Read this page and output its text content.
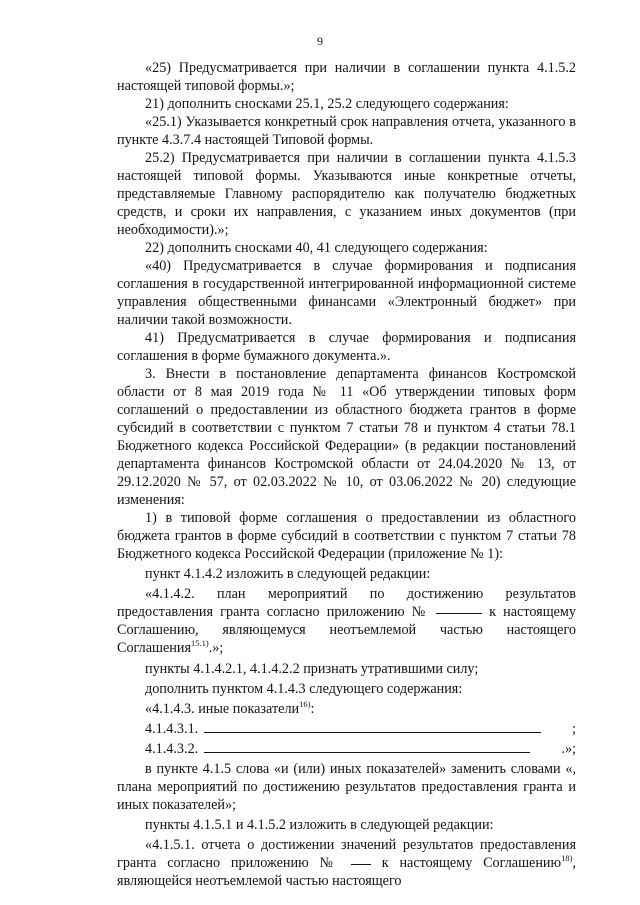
9

«25) Предусматривается при наличии в соглашении пункта 4.1.5.2 настоящей типовой формы.»;

21) дополнить сносками 25.1, 25.2 следующего содержания:

«25.1) Указывается конкретный срок направления отчета, указанного в пункте 4.3.7.4 настоящей Типовой формы.

25.2) Предусматривается при наличии в соглашении пункта 4.1.5.3 настоящей типовой формы. Указываются иные конкретные отчеты, представляемые Главному распорядителю как получателю бюджетных средств, и сроки их направления, с указанием иных документов (при необходимости).»;

22) дополнить сносками 40, 41 следующего содержания:

«40) Предусматривается в случае формирования и подписания соглашения в государственной интегрированной информационной системе управления общественными финансами «Электронный бюджет» при наличии такой возможности.

41) Предусматривается в случае формирования и подписания соглашения в форме бумажного документа.».

3. Внести в постановление департамента финансов Костромской области от 8 мая 2019 года № 11 «Об утверждении типовых форм соглашений о предоставлении из областного бюджета грантов в форме субсидий в соответствии с пунктом 7 статьи 78 и пунктом 4 статьи 78.1 Бюджетного кодекса Российской Федерации» (в редакции постановлений департамента финансов Костромской области от 24.04.2020 № 13, от 29.12.2020 № 57, от 02.03.2022 № 10, от 03.06.2022 № 20) следующие изменения:

1) в типовой форме соглашения о предоставлении из областного бюджета грантов в форме субсидий в соответствии с пунктом 7 статьи 78 Бюджетного кодекса Российской Федерации (приложение № 1):

пункт 4.1.4.2 изложить в следующей редакции:

«4.1.4.2. план мероприятий по достижению результатов предоставления гранта согласно приложению №	к настоящему Соглашению, являющемуся неотъемлемой частью настоящего Соглашения$^{15.1)}$.»;

пункты 4.1.4.2.1, 4.1.4.2.2 признать утратившими силу;

дополнить пунктом 4.1.4.3 следующего содержания:

«4.1.4.3. иные показатели$^{16)}$:

4.1.4.3.1.	;

4.1.4.3.2.	.»;

в пункте 4.1.5 слова «и (или) иных показателей» заменить словами «, плана мероприятий по достижению результатов предоставления гранта и иных показателей»;

пункты 4.1.5.1 и 4.1.5.2 изложить в следующей редакции:

«4.1.5.1. отчета о достижении значений результатов предоставления гранта согласно приложению №	к настоящему Соглашению$^{18)}$, являющейся неотъемлемой частью настоящего
